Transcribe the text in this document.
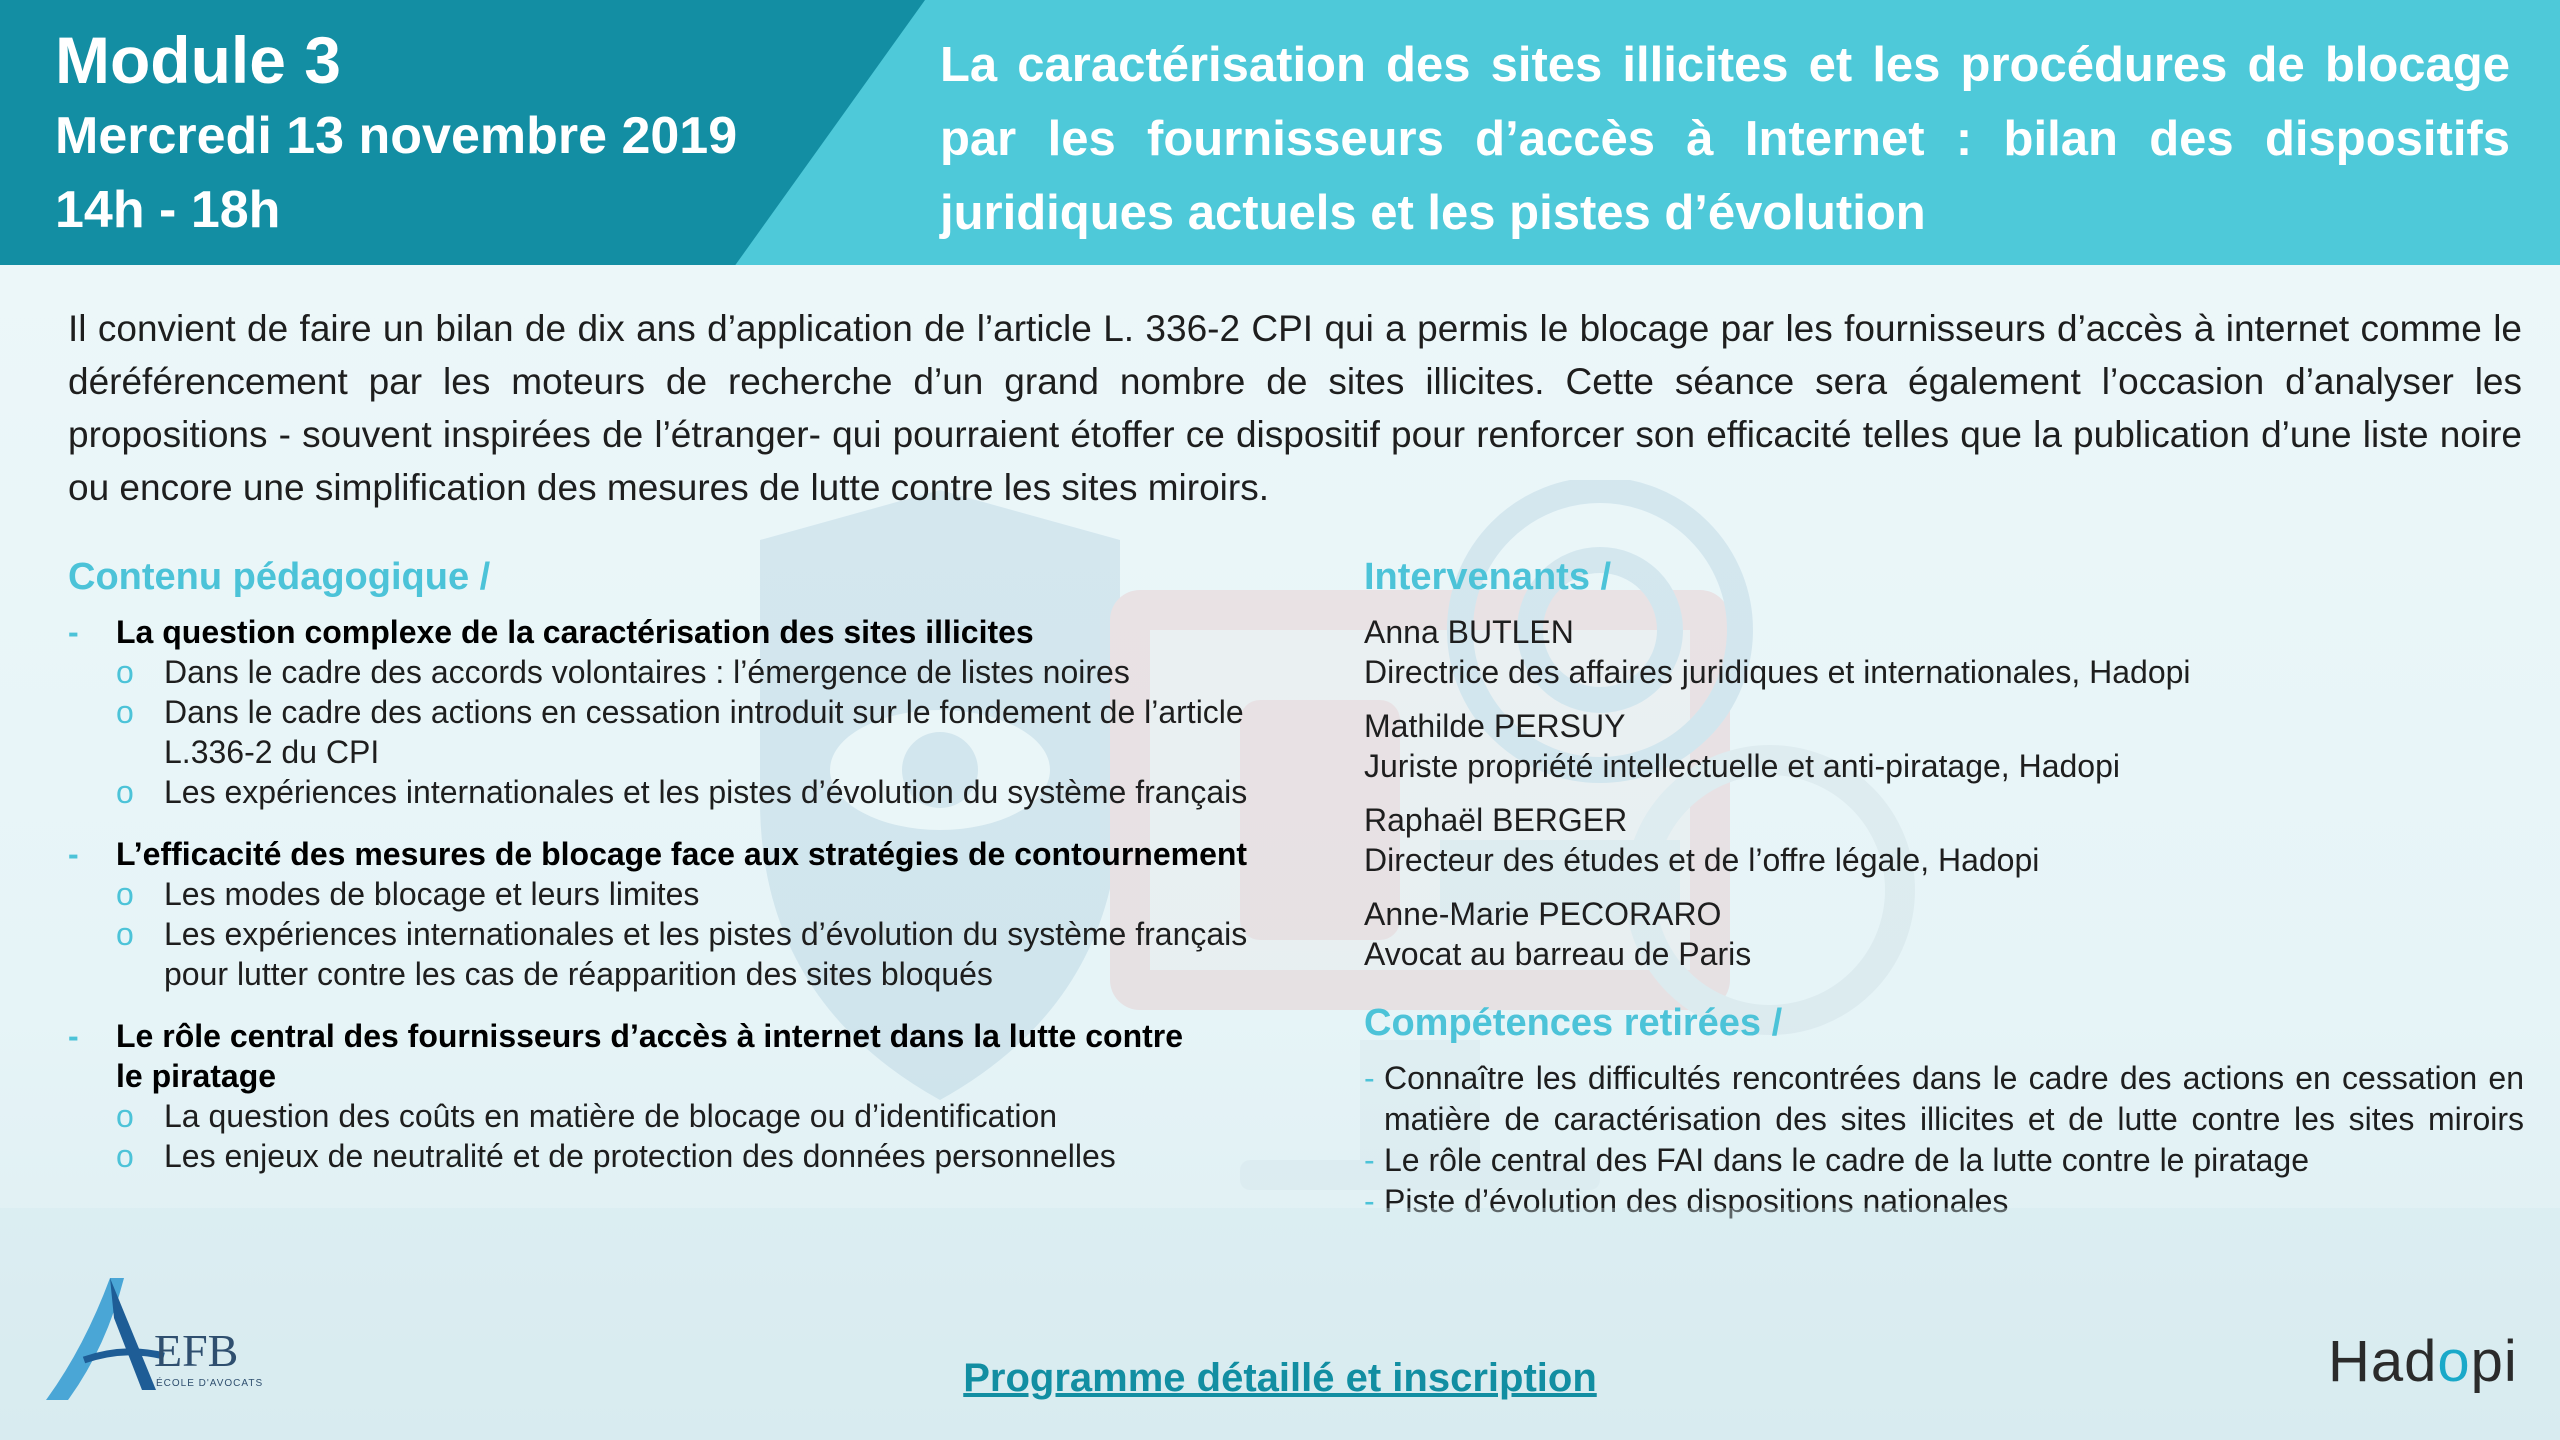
Module 3
Mercredi 13 novembre 2019
14h - 18h
La caractérisation des sites illicites et les procédures de blocage par les fournisseurs d’accès à Internet : bilan des dispositifs juridiques actuels et les pistes d’évolution

Il convient de faire un bilan de dix ans d’application de l’article L. 336-2 CPI qui a permis le blocage par les fournisseurs d’accès à internet comme le déréférencement par les moteurs de recherche d’un grand nombre de sites illicites. Cette séance sera également l’occasion d’analyser les propositions - souvent inspirées de l’étranger- qui pourraient étoffer ce dispositif pour renforcer son efficacité telles que la publication d’une liste noire ou encore une simplification des mesures de lutte contre les sites miroirs.

Contenu pédagogique /
-	La question complexe de la caractérisation des sites illicites
o Dans le cadre des accords volontaires : l’émergence de listes noires
o Dans le cadre des actions en cessation introduit sur le fondement de l’article L.336-2 du CPI
o Les expériences internationales et les pistes d’évolution du système français
-	L’efficacité des mesures de blocage face aux stratégies de contournement
o Les modes de blocage et leurs limites
o Les expériences internationales et les pistes d’évolution du système français pour lutter contre les cas de réapparition des sites bloqués
-	Le rôle central des fournisseurs d’accès à internet dans la lutte contre le piratage
o La question des coûts en matière de blocage ou d’identification
o Les enjeux de neutralité et de protection des données personnelles
Intervenants /
Anna BUTLEN
Directrice des affaires juridiques et internationales, Hadopi
Mathilde PERSUY
Juriste propriété intellectuelle et anti-piratage, Hadopi
Raphaël BERGER
Directeur des études et de l’offre légale, Hadopi
Anne-Marie PECORARO
Avocat au barreau de Paris
Compétences retirées /
- Connaître les difficultés rencontrées dans le cadre des actions en cessation en matière de caractérisation des sites illicites et de lutte contre les sites miroirs
- Le rôle central des FAI dans le cadre de la lutte contre le piratage
- Piste d’évolution des dispositions nationales
EFB
ÉCOLE D'AVOCATS	Programme détaillé et inscription	Hadopi
